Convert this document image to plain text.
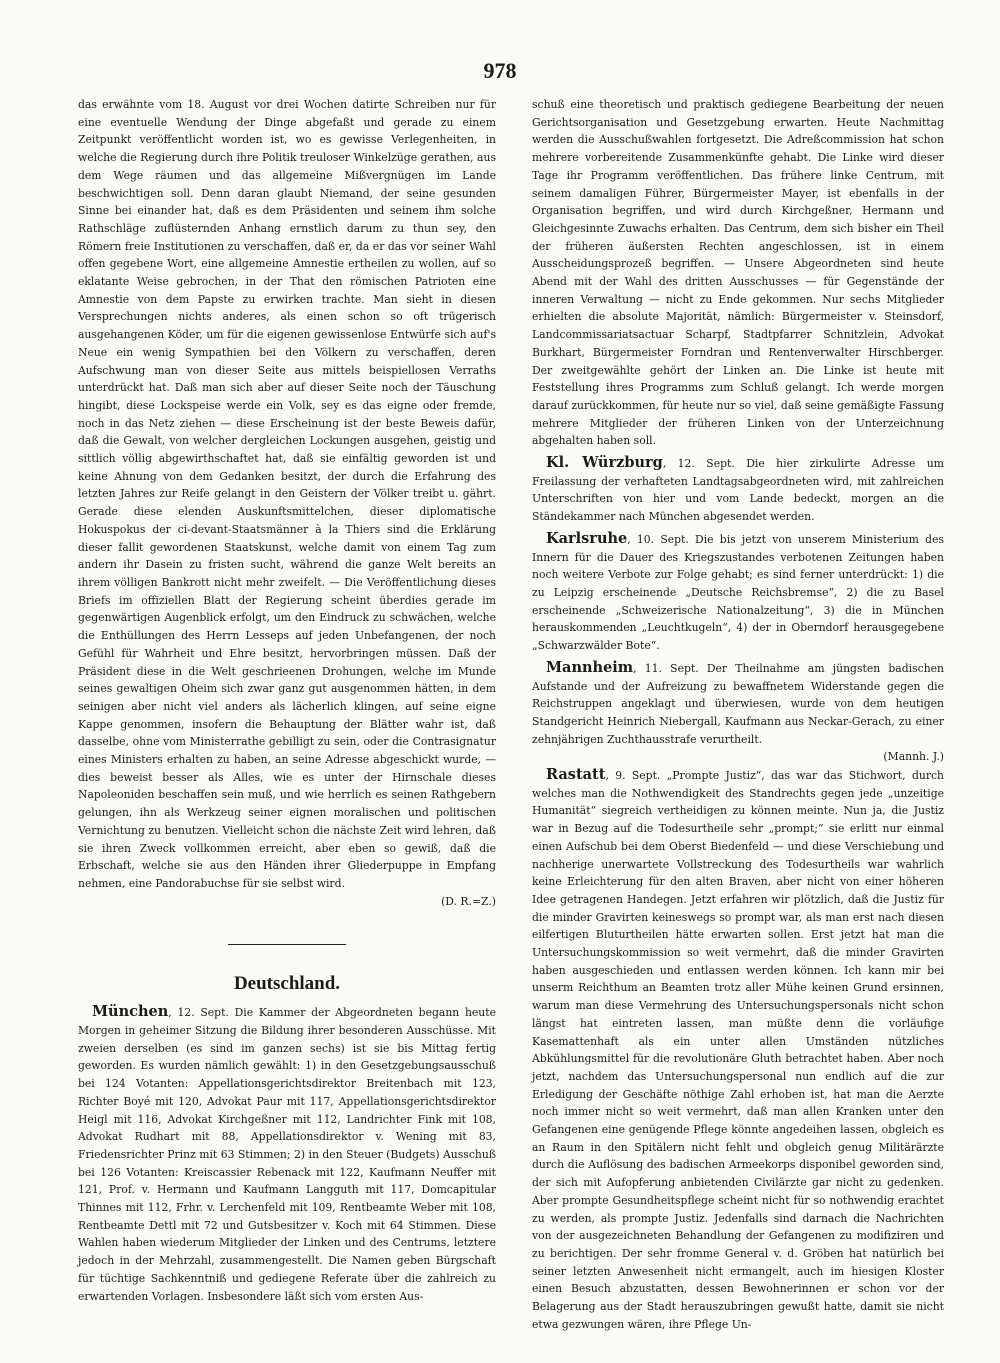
978

das erwähnte vom 18. August vor drei Wochen datirte Schreiben nur für eine eventuelle Wendung der Dinge abgefaßt und gerade zu einem Zeitpunkt veröffentlicht worden ist, wo es gewisse Verlegenheiten, in welche die Regierung durch ihre Politik treuloser Winkelzüge gerathen, aus dem Wege räumen und das allgemeine Mißvergnügen im Lande beschwichtigen soll. Denn daran glaubt Niemand, der seine gesunden Sinne bei einander hat, daß es dem Präsidenten und seinem ihm solche Rathschläge zuflüsternden Anhang ernstlich darum zu thun sey, den Römern freie Institutionen zu verschaffen, daß er, da er das vor seiner Wahl offen gegebene Wort, eine allgemeine Amnestie ertheilen zu wollen, auf so eklatante Weise gebrochen, in der That den römischen Patrioten eine Amnestie von dem Papste zu erwirken trachte. Man sieht in diesen Versprechungen nichts anderes, als einen schon so oft trügerisch ausgehangenen Köder, um für die eigenen gewissenlose Entwürfe sich auf's Neue ein wenig Sympathien bei den Völkern zu verschaffen, deren Aufschwung man von dieser Seite aus mittels beispiellosen Verraths unterdrückt hat. Daß man sich aber auf dieser Seite noch der Täuschung hingibt, diese Lockspeise werde ein Volk, sey es das eigne oder fremde, noch in das Netz ziehen — diese Erscheinung ist der beste Beweis dafür, daß die Gewalt, von welcher dergleichen Lockungen ausgehen, geistig und sittlich völlig abgewirthschaftet hat, daß sie einfältig geworden ist und keine Ahnung von dem Gedanken besitzt, der durch die Erfahrung des letzten Jahres zur Reife gelangt in den Geistern der Völker treibt u. gährt. Gerade diese elenden Auskunftsmittelchen, dieser diplomatische Hokuspokus der ci-devant-Staatsmänner à la Thiers sind die Erklärung dieser fallit gewordenen Staatskunst, welche damit von einem Tag zum andern ihr Dasein zu fristen sucht, während die ganze Welt bereits an ihrem völligen Bankrott nicht mehr zweifelt. — Die Veröffentlichung dieses Briefs im offiziellen Blatt der Regierung scheint überdies gerade im gegenwärtigen Augenblick erfolgt, um den Eindruck zu schwächen, welche die Enthüllungen des Herrn Lesseps auf jeden Unbefangenen, der noch Gefühl für Wahrheit und Ehre besitzt, hervorbringen müssen. Daß der Präsident diese in die Welt geschrieenen Drohungen, welche im Munde seines gewaltigen Oheim sich zwar ganz gut ausgenommen hätten, in dem seinigen aber nicht viel anders als lächerlich klingen, auf seine eigne Kappe genommen, insofern die Behauptung der Blätter wahr ist, daß dasselbe, ohne vom Ministerrathe gebilligt zu sein, oder die Contrasignatur eines Ministers erhalten zu haben, an seine Adresse abgeschickt wurde, — dies beweist besser als Alles, wie es unter der Hirnschale dieses Napoleoniden beschaffen sein muß, und wie herrlich es seinen Rathgebern gelungen, ihn als Werkzeug seiner eignen moralischen und politischen Vernichtung zu benutzen. Vielleicht schon die nächste Zeit wird lehren, daß sie ihren Zweck vollkommen erreicht, aber eben so gewiß, daß die Erbschaft, welche sie aus den Händen ihrer Gliederpuppe in Empfang nehmen, eine Pandorabuchse für sie selbst wird.

(D. R.=Z.)
Deutschland.

München, 12. Sept. Die Kammer der Abgeordneten begann heute Morgen in geheimer Sitzung die Bildung ihrer besonderen Ausschüsse. Mit zweien derselben (es sind im ganzen sechs) ist sie bis Mittag fertig geworden. Es wurden nämlich gewählt: 1) in den Gesetzgebungsausschuß bei 124 Votanten: Appellationsgerichtsdirektor Breitenbach mit 123, Richter Boyé mit 120, Advokat Paur mit 117, Appellationsgerichtsdirektor Heigl mit 116, Advokat Kirchgeßner mit 112, Landrichter Fink mit 108, Advokat Rudhart mit 88, Appellationsdirektor v. Wening mit 83, Friedensrichter Prinz mit 63 Stimmen; 2) in den Steuer (Budgets) Ausschuß bei 126 Votanten: Kreiscassier Rebenack mit 122, Kaufmann Neuffer mit 121, Prof. v. Hermann und Kaufmann Langguth mit 117, Domcapitular Thinnes mit 112, Frhr. v. Lerchenfeld mit 109, Rentbeamte Weber mit 108, Rentbeamte Dettl mit 72 und Gutsbesitzer v. Koch mit 64 Stimmen. Diese Wahlen haben wiederum Mitglieder der Linken und des Centrums, letztere jedoch in der Mehrzahl, zusammengestellt. Die Namen geben Bürgschaft für tüchtige Sachkenntniß und gediegene Referate über die zahlreich zu erwartenden Vorlagen. Insbesondere läßt sich vom ersten Aus-

schuß eine theoretisch und praktisch gediegene Bearbeitung der neuen Gerichtsorganisation und Gesetzgebung erwarten. Heute Nachmittag werden die Ausschußwahlen fortgesetzt. Die Adreßcommission hat schon mehrere vorbereitende Zusammenkünfte gehabt. Die Linke wird dieser Tage ihr Programm veröffentlichen. Das frühere linke Centrum, mit seinem damaligen Führer, Bürgermeister Mayer, ist ebenfalls in der Organisation begriffen, und wird durch Kirchgeßner, Hermann und Gleichgesinnte Zuwachs erhalten. Das Centrum, dem sich bisher ein Theil der früheren äußersten Rechten angeschlossen, ist in einem Ausscheidungsprozeß begriffen. — Unsere Abgeordneten sind heute Abend mit der Wahl des dritten Ausschusses — für Gegenstände der inneren Verwaltung — nicht zu Ende gekommen. Nur sechs Mitglieder erhielten die absolute Majorität, nämlich: Bürgermeister v. Steinsdorf, Landcommissariatsactuar Scharpf, Stadtpfarrer Schnitzlein, Advokat Burkhart, Bürgermeister Forndran und Rentenverwalter Hirschberger. Der zweitgewählte gehört der Linken an. Die Linke ist heute mit Feststellung ihres Programms zum Schluß gelangt. Ich werde morgen darauf zurückkommen, für heute nur so viel, daß seine gemäßigte Fassung mehrere Mitglieder der früheren Linken von der Unterzeichnung abgehalten haben soll.

Kl. Würzburg, 12. Sept. Die hier zirkulirte Adresse um Freilassung der verhafteten Landtagsabgeordneten wird, mit zahlreichen Unterschriften von hier und vom Lande bedeckt, morgen an die Ständekammer nach München abgesendet werden.

Karlsruhe, 10. Sept. Die bis jetzt von unserem Ministerium des Innern für die Dauer des Kriegszustandes verbotenen Zeitungen haben noch weitere Verbote zur Folge gehabt; es sind ferner unterdrückt: 1) die zu Leipzig erscheinende „Deutsche Reichsbremse“, 2) die zu Basel erscheinende „Schweizerische Nationalzeitung“, 3) die in München herauskommenden „Leuchtkugeln“, 4) der in Oberndorf herausgegebene „Schwarzwälder Bote“.

Mannheim, 11. Sept. Der Theilnahme am jüngsten badischen Aufstande und der Aufreizung zu bewaffnetem Widerstande gegen die Reichstruppen angeklagt und überwiesen, wurde von dem heutigen Standgericht Heinrich Niebergall, Kaufmann aus Neckar-Gerach, zu einer zehnjährigen Zuchthausstrafe verurtheilt.

(Mannh. J.)

Rastatt, 9. Sept. „Prompte Justiz“, das war das Stichwort, durch welches man die Nothwendigkeit des Standrechts gegen jede „unzeitige Humanität“ siegreich vertheidigen zu können meinte. Nun ja, die Justiz war in Bezug auf die Todesurtheile sehr „prompt;“ sie erlitt nur einmal einen Aufschub bei dem Oberst Biedenfeld — und diese Verschiebung und nachherige unerwartete Vollstreckung des Todesurtheils war wahrlich keine Erleichterung für den alten Braven, aber nicht von einer höheren Idee getragenen Handegen. Jetzt erfahren wir plötzlich, daß die Justiz für die minder Gravirten keineswegs so prompt war, als man erst nach diesen eilfertigen Bluturtheilen hätte erwarten sollen. Erst jetzt hat man die Untersuchungskommission so weit vermehrt, daß die minder Gravirten haben ausgeschieden und entlassen werden können. Ich kann mir bei unserm Reichthum an Beamten trotz aller Mühe keinen Grund ersinnen, warum man diese Vermehrung des Untersuchungspersonals nicht schon längst hat eintreten lassen, man müßte denn die vorläufige Kasemattenhaft als ein unter allen Umständen nützliches Abkühlungsmittel für die revolutionäre Gluth betrachtet haben. Aber noch jetzt, nachdem das Untersuchungspersonal nun endlich auf die zur Erledigung der Geschäfte nöthige Zahl erhoben ist, hat man die Aerzte noch immer nicht so weit vermehrt, daß man allen Kranken unter den Gefangenen eine genügende Pflege könnte angedeihen lassen, obgleich es an Raum in den Spitälern nicht fehlt und obgleich genug Militärärzte durch die Auflösung des badischen Armeekorps disponibel geworden sind, der sich mit Aufopferung anbietenden Civilärzte gar nicht zu gedenken. Aber prompte Gesundheitspflege scheint nicht für so nothwendig erachtet zu werden, als prompte Justiz. Jedenfalls sind darnach die Nachrichten von der ausgezeichneten Behandlung der Gefangenen zu modifiziren und zu berichtigen. Der sehr fromme General v. d. Gröben hat natürlich bei seiner letzten Anwesenheit nicht ermangelt, auch im hiesigen Kloster einen Besuch abzustatten, dessen Bewohnerinnen er schon vor der Belagerung aus der Stadt herauszubringen gewußt hatte, damit sie nicht etwa gezwungen wären, ihre Pflege Un-
